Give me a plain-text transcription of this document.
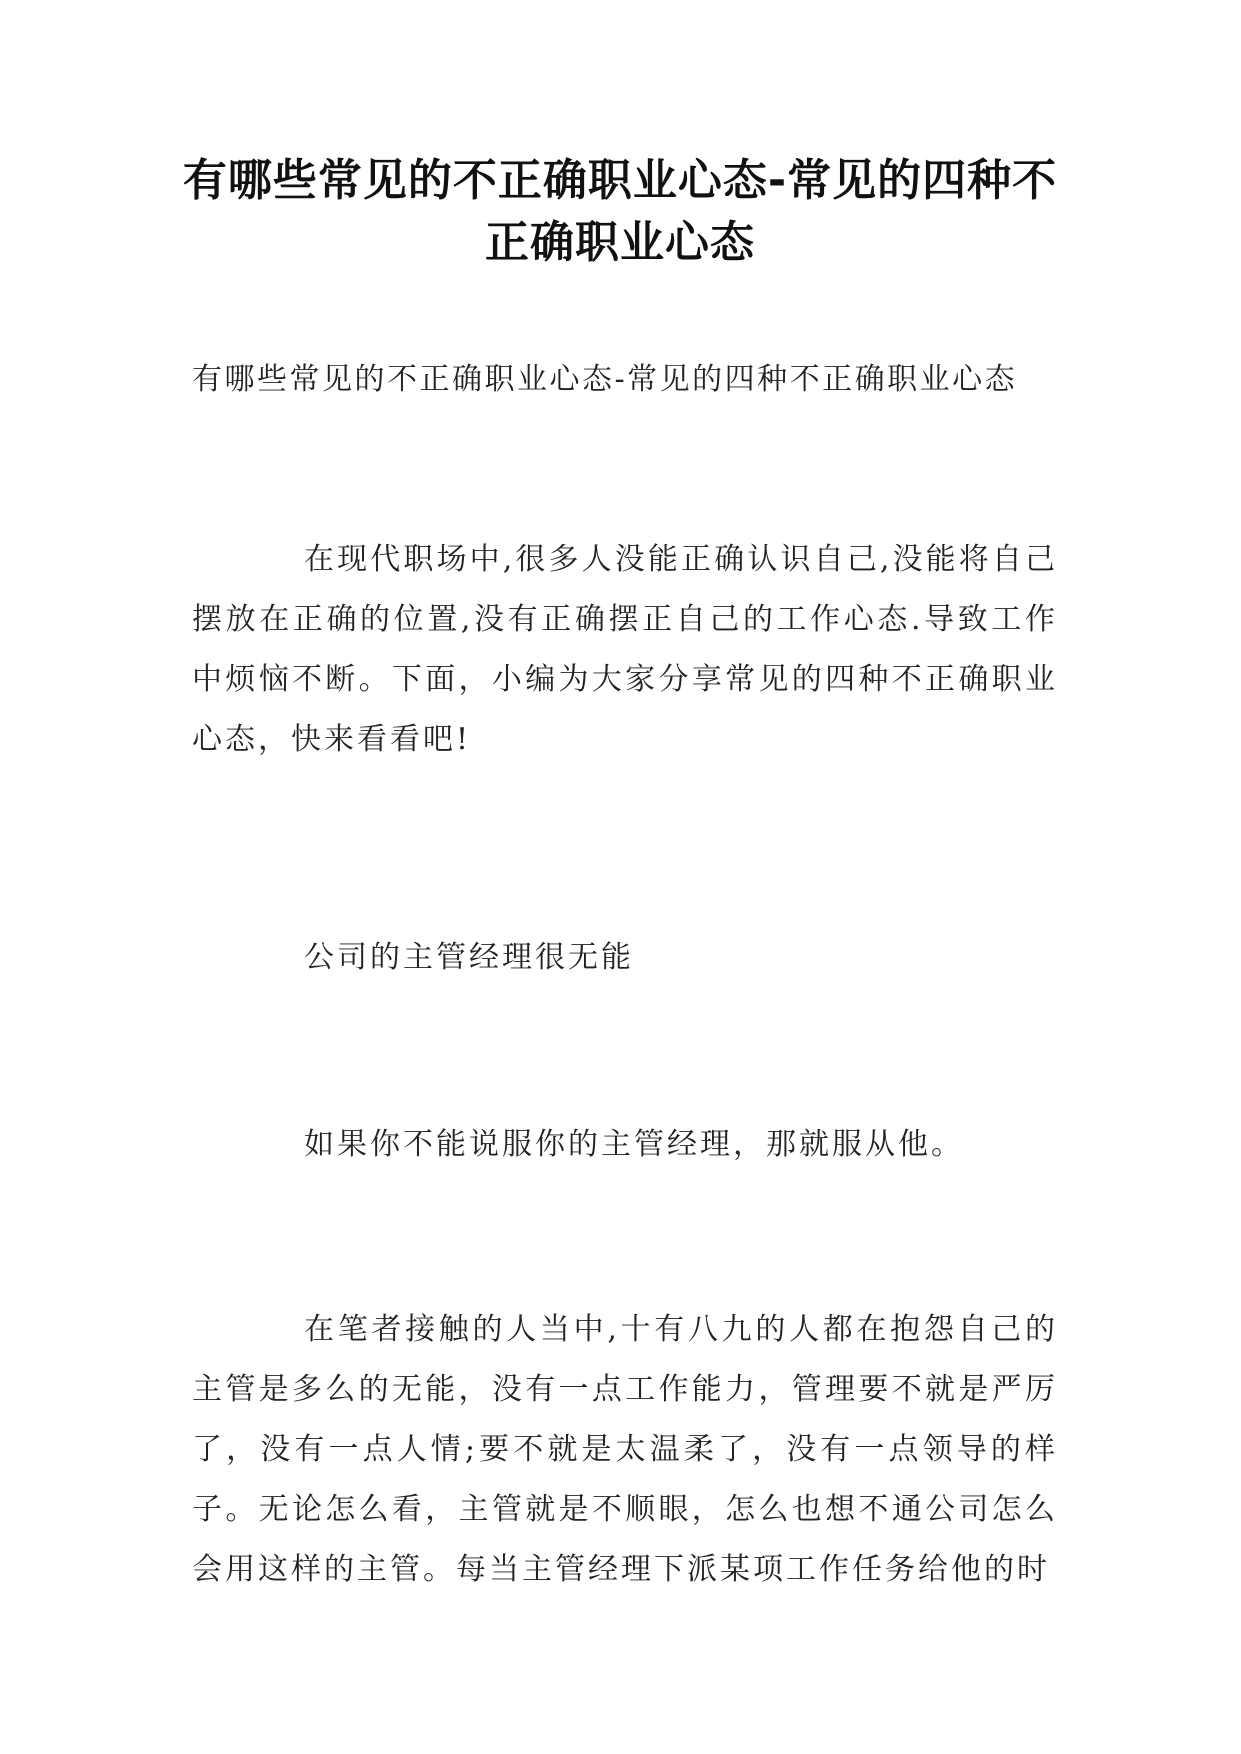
有哪些常见的不正确职业心态-常见的四种不正确职业心态

有哪些常见的不正确职业心态-常见的四种不正确职业心态

在现代职场中,很多人没能正确认识自己,没能将自己摆放在正确的位置,没有正确摆正自己的工作心态.导致工作中烦恼不断。下面，小编为大家分享常见的四种不正确职业心态，快来看看吧!

公司的主管经理很无能

如果你不能说服你的主管经理，那就服从他。

在笔者接触的人当中,十有八九的人都在抱怨自己的主管是多么的无能，没有一点工作能力，管理要不就是严厉了，没有一点人情;要不就是太温柔了，没有一点领导的样子。无论怎么看，主管就是不顺眼，怎么也想不通公司怎么会用这样的主管。每当主管经理下派某项工作任务给他的时
